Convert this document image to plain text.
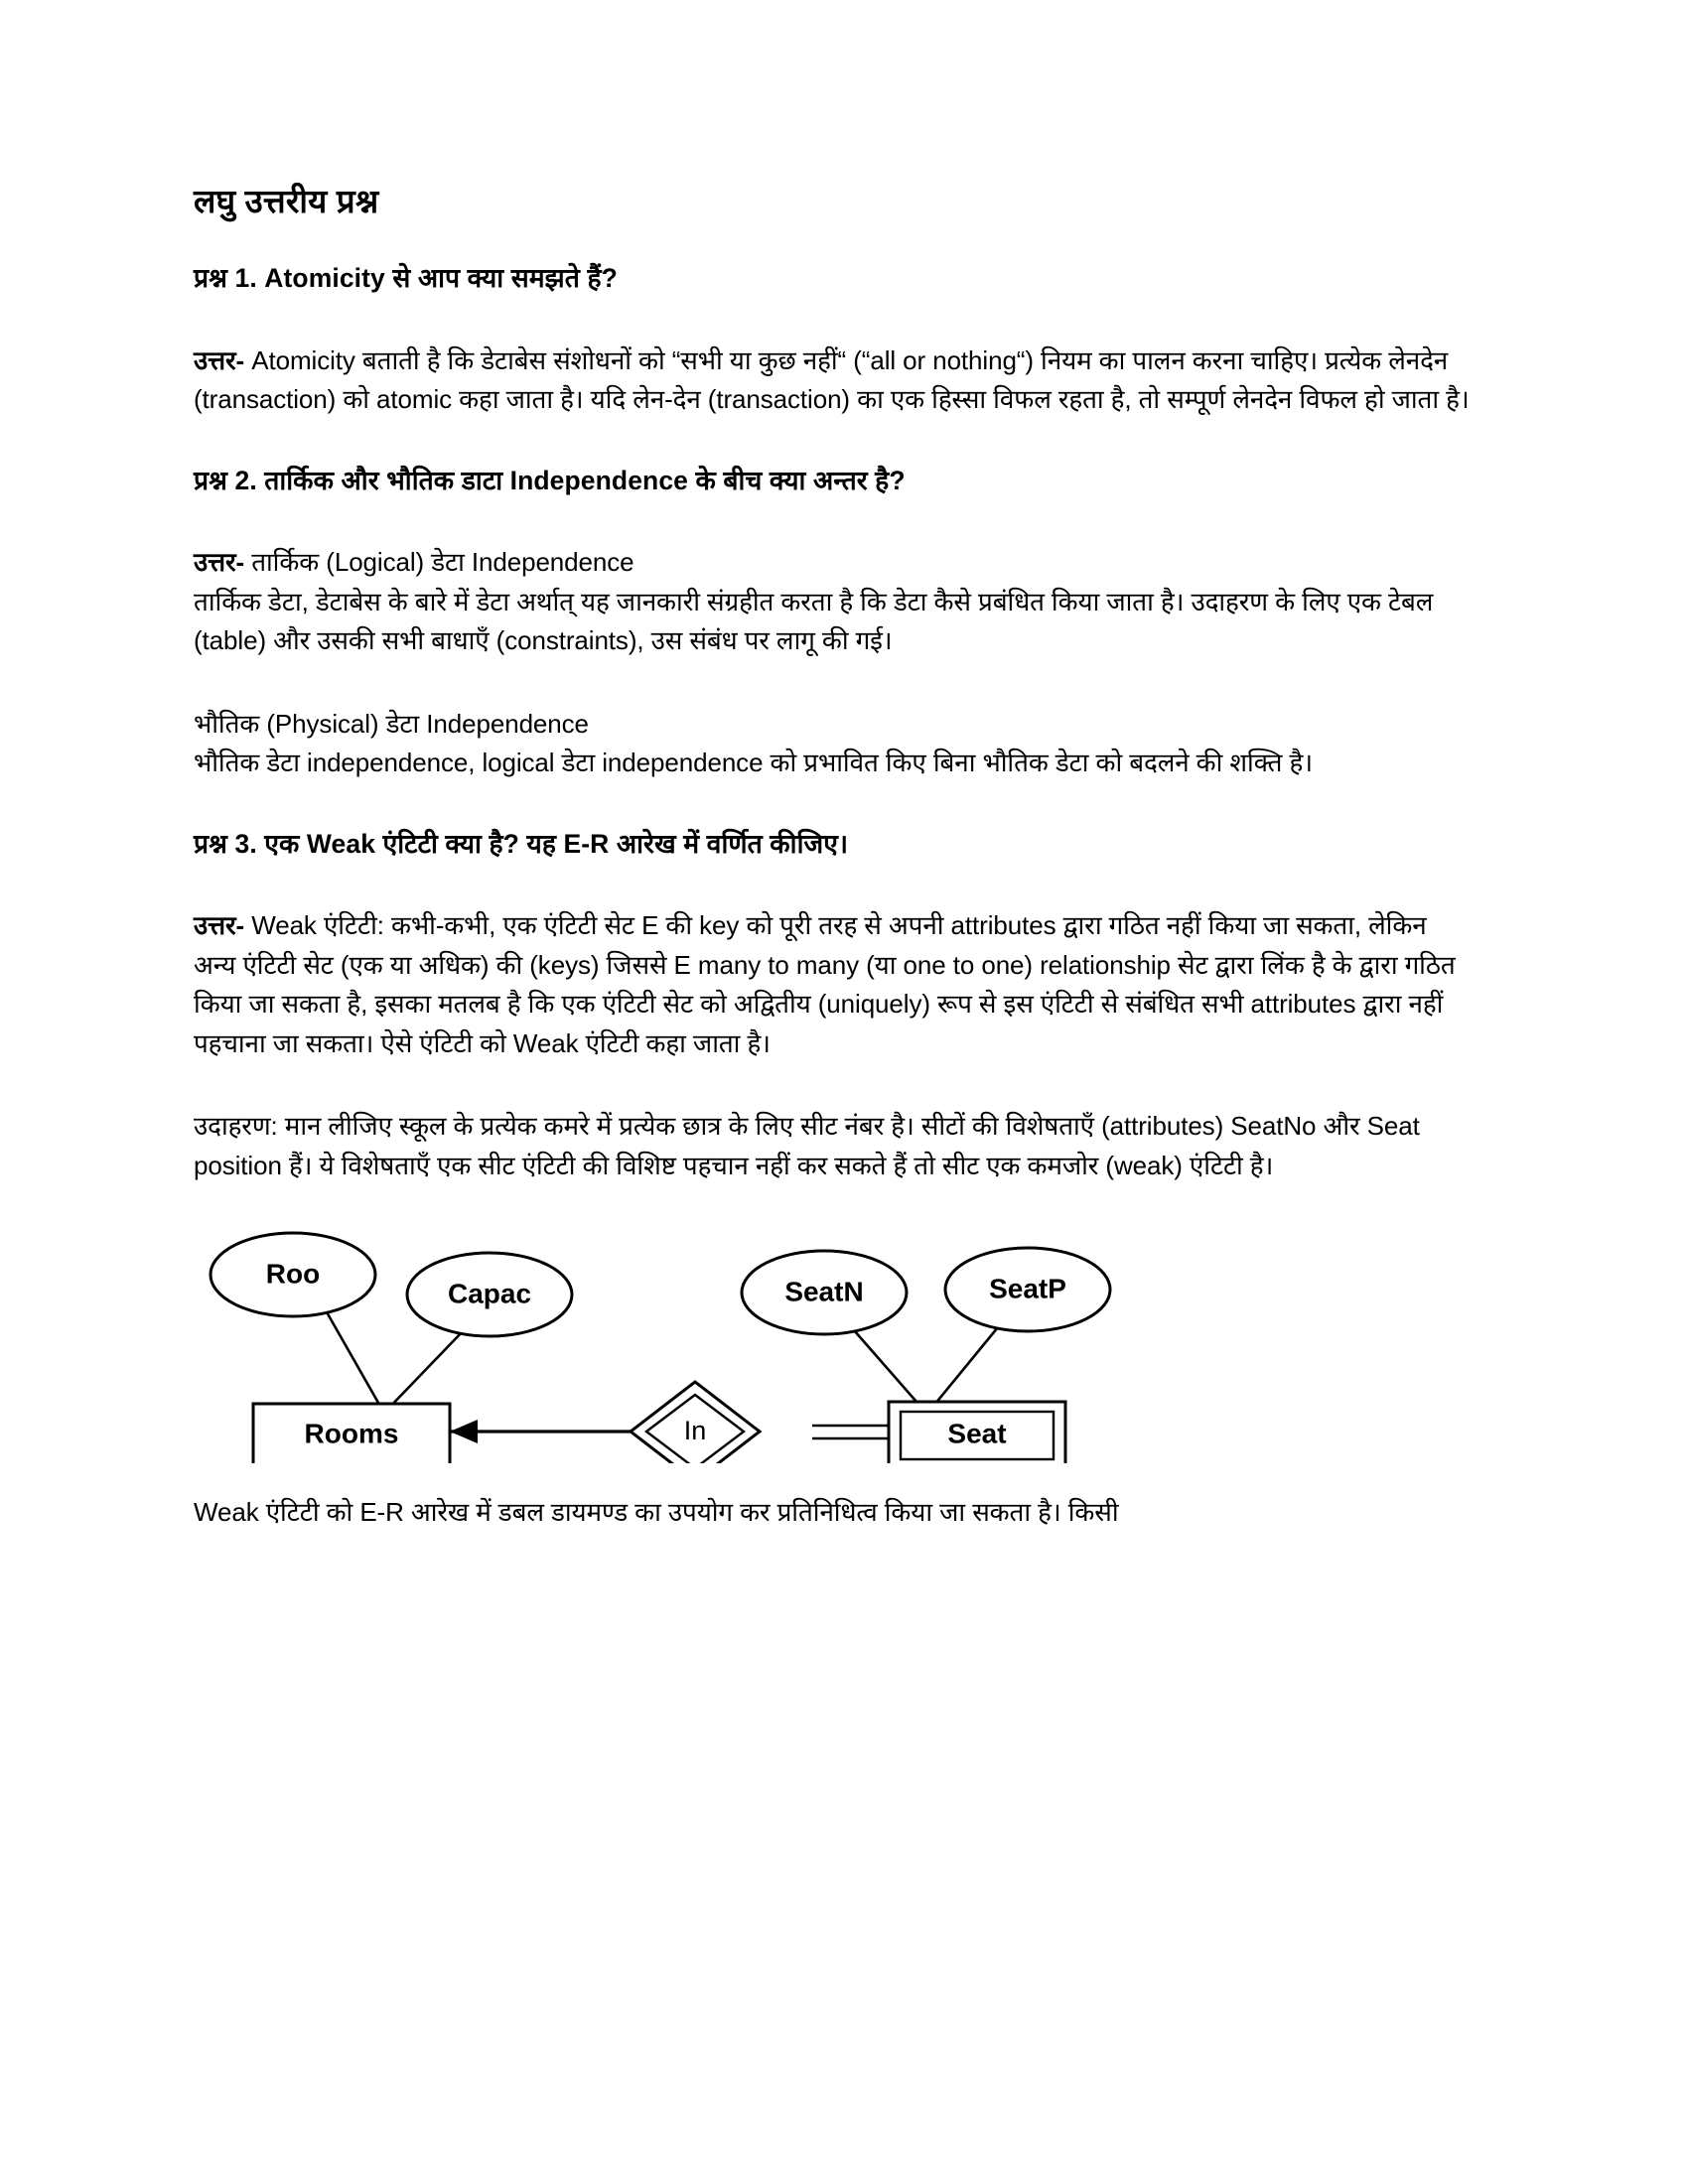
लघु उत्तरीय प्रश्न
प्रश्न 1. Atomicity से आप क्या समझते हैं?

उत्तर- Atomicity बताती है कि डेटाबेस संशोधनों को “सभी या कुछ नहीं“ (“all or nothing“) नियम का पालन करना चाहिए। प्रत्येक लेनदेन (transaction) को atomic कहा जाता है। यदि लेन-देन (transaction) का एक हिस्सा विफल रहता है, तो सम्पूर्ण लेनदेन विफल हो जाता है।

प्रश्न 2. तार्किक और भौतिक डाटा Independence के बीच क्या अन्तर है?

उत्तर- तार्किक (Logical) डेटा Independence

तार्किक डेटा, डेटाबेस के बारे में डेटा अर्थात् यह जानकारी संग्रहीत करता है कि डेटा कैसे प्रबंधित किया जाता है। उदाहरण के लिए एक टेबल (table) और उसकी सभी बाधाएँ (constraints), उस संबंध पर लागू की गई।

भौतिक (Physical) डेटा Independence

भौतिक डेटा independence, logical डेटा independence को प्रभावित किए बिना भौतिक डेटा को बदलने की शक्ति है।

प्रश्न 3. एक Weak एंटिटी क्या है? यह E-R आरेख में वर्णित कीजिए।

उत्तर- Weak एंटिटी: कभी-कभी, एक एंटिटी सेट E की key को पूरी तरह से अपनी attributes द्वारा गठित नहीं किया जा सकता, लेकिन अन्य एंटिटी सेट (एक या अधिक) की (keys) जिससे E many to many (या one to one) relationship सेट द्वारा लिंक है के द्वारा गठित किया जा सकता है, इसका मतलब है कि एक एंटिटी सेट को अद्वितीय (uniquely) रूप से इस एंटिटी से संबंधित सभी attributes द्वारा नहीं पहचाना जा सकता। ऐसे एंटिटी को Weak एंटिटी कहा जाता है।

उदाहरण: मान लीजिए स्कूल के प्रत्येक कमरे में प्रत्येक छात्र के लिए सीट नंबर है। सीटों की विशेषताएँ (attributes) SeatNo और Seat position हैं। ये विशेषताएँ एक सीट एंटिटी की विशिष्ट पहचान नहीं कर सकते हैं तो सीट एक कमजोर (weak) एंटिटी है।

Roo
Capac	SeatN	SeatP
Rooms	In	Seat

Weak एंटिटी को E-R आरेख में डबल डायमण्ड का उपयोग कर प्रतिनिधित्व किया जा सकता है। किसी
